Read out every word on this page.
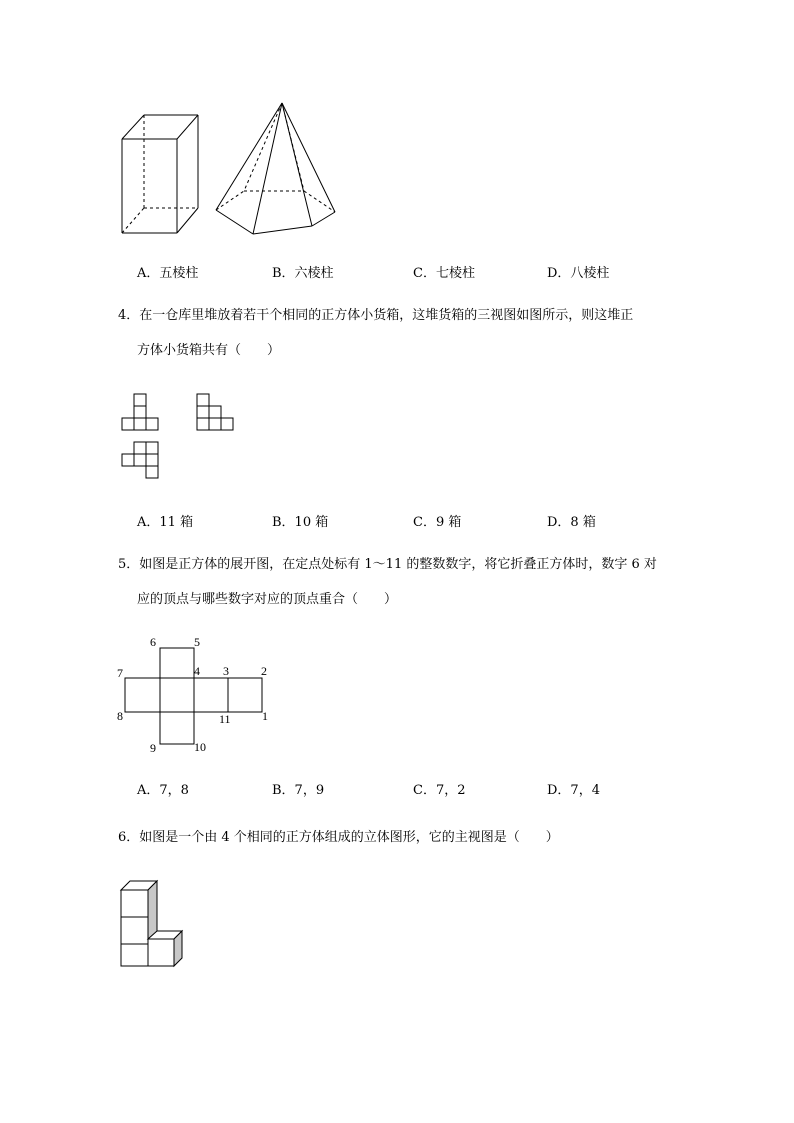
A．五棱柱	B．六棱柱	C．七棱柱	D．八棱柱
4．在一仓库里堆放着若干个相同的正方体小货箱，这堆货箱的三视图如图所示，则这堆正
方体小货箱共有（　　）
A．11 箱	B．10 箱	C．9 箱	D．8 箱
5．如图是正方体的展开图，在定点处标有 1～11 的整数数字，将它折叠正方体时，数字 6 对
应的顶点与哪些数字对应的顶点重合（　　）
6	5
4 3	2
7
8	11	1
9	10
A．7，8	B．7，9	C．7，2	D．7，4
6．如图是一个由 4 个相同的正方体组成的立体图形，它的主视图是（　　）
